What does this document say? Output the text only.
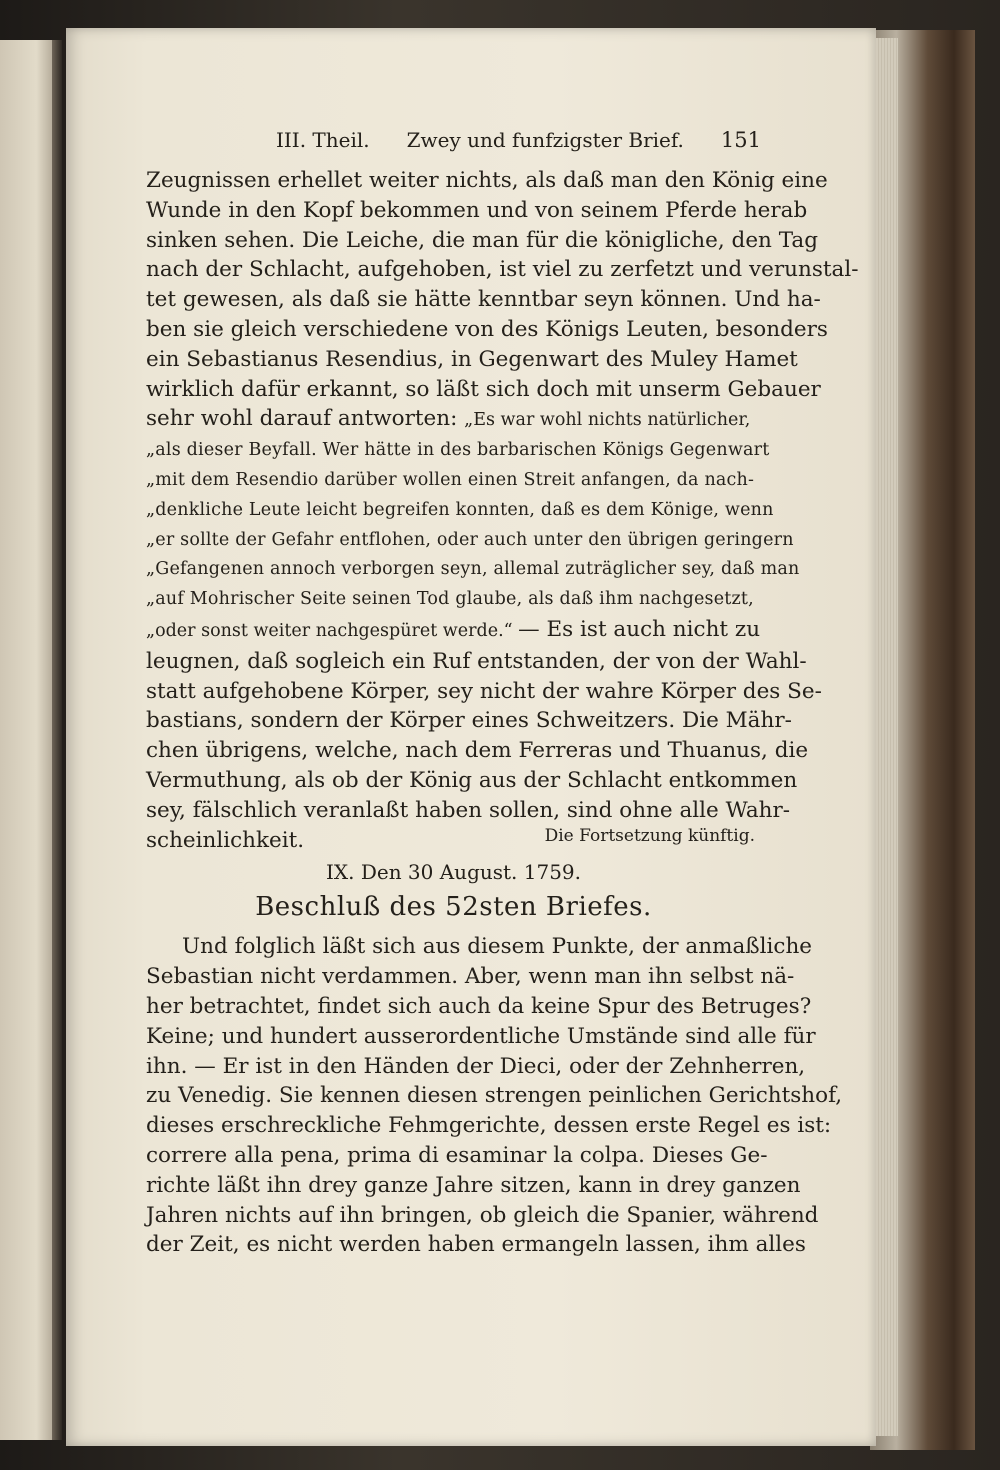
III. Theil. Zwey und funfzigster Brief. 151
Zeugnissen erhellet weiter nichts, als daß man den König eine
Wunde in den Kopf bekommen und von seinem Pferde herab
sinken sehen. Die Leiche, die man für die königliche, den Tag
nach der Schlacht, aufgehoben, ist viel zu zerfetzt und verunstal-
tet gewesen, als daß sie hätte kenntbar seyn können. Und ha-
ben sie gleich verschiedene von des Königs Leuten, besonders
ein Sebastianus Resendius, in Gegenwart des Muley Hamet
wirklich dafür erkannt, so läßt sich doch mit unserm Gebauer
sehr wohl darauf antworten: „Es war wohl nichts natürlicher,
„als dieser Beyfall. Wer hätte in des barbarischen Königs Gegenwart
„mit dem Resendio darüber wollen einen Streit anfangen, da nach-
„denkliche Leute leicht begreifen konnten, daß es dem Könige, wenn
„er sollte der Gefahr entflohen, oder auch unter den übrigen geringern
„Gefangenen annoch verborgen seyn, allemal zuträglicher sey, daß man
„auf Mohrischer Seite seinen Tod glaube, als daß ihm nachgesetzt,
„oder sonst weiter nachgespüret werde.“ — Es ist auch nicht zu
leugnen, daß sogleich ein Ruf entstanden, der von der Wahl-
statt aufgehobene Körper, sey nicht der wahre Körper des Se-
bastians, sondern der Körper eines Schweitzers. Die Mähr-
chen übrigens, welche, nach dem Ferreras und Thuanus, die
Vermuthung, als ob der König aus der Schlacht entkommen
sey, fälschlich veranlaßt haben sollen, sind ohne alle Wahr-
scheinlichkeit.	Die Fortsetzung künftig.
IX. Den 30 August. 1759.
Beschluß des 52sten Briefes.
Und folglich läßt sich aus diesem Punkte, der anmaßliche
Sebastian nicht verdammen. Aber, wenn man ihn selbst nä-
her betrachtet, findet sich auch da keine Spur des Betruges?
Keine; und hundert ausserordentliche Umstände sind alle für
ihn. — Er ist in den Händen der Dieci, oder der Zehnherren,
zu Venedig. Sie kennen diesen strengen peinlichen Gerichtshof,
dieses erschreckliche Fehmgerichte, dessen erste Regel es ist:
correre alla pena, prima di esaminar la colpa. Dieses Ge-
richte läßt ihn drey ganze Jahre sitzen, kann in drey ganzen
Jahren nichts auf ihn bringen, ob gleich die Spanier, während
der Zeit, es nicht werden haben ermangeln lassen, ihm alles
